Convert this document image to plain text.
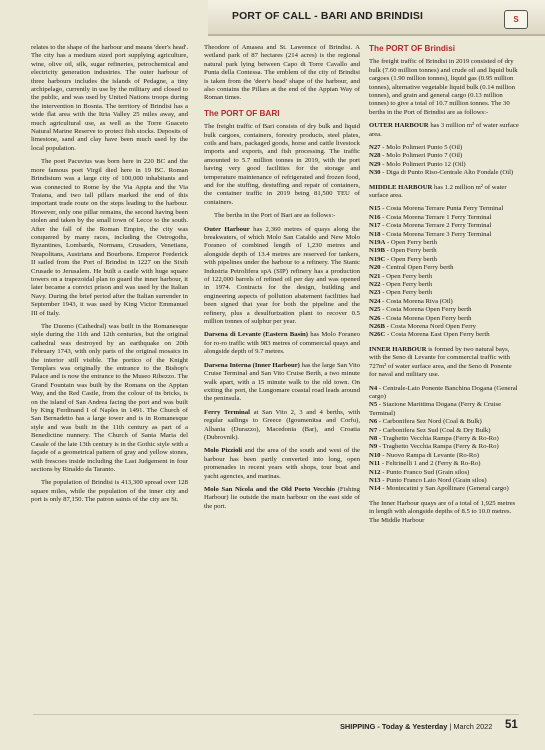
PORT OF CALL - BARI AND BRINDISI	S

relates to the shape of the harbour and means 'deer's head'. The city has a medium sized port supplying agriculture, wine, olive oil, silk, sugar refineries, petrochemical and electricity generation industries. The outer harbour of three harbours includes the islands of Pedagne, a tiny archipelago, currently in use by the military and closed to the public, and was used by United Nations troops during the intervention in Bosnia. The territory of Brindisi has a wide flat area with the Itria Valley 25 miles away, and much agricultural use, as well as the Torre Guaceto Natural Marine Reserve to protect fish stocks. Deposits of limestone, sand and clay have been much used by the local population.

The poet Pacuvius was born here in 220 BC and the more famous poet Virgil died here in 19 BC. Roman Brindisium was a large city of 100,000 inhabitants and was connected to Rome by the Via Appia and the Via Traiana, and two tall pillars marked the end of this important trade route on the steps leading to the harbour. However, only one pillar remains, the second having been stolen and taken by the small town of Lecce to the south. After the fall of the Roman Empire, the city was conquered by many races, including the Ostrogoths, Byzantines, Lombards, Normans, Crusaders, Venetians, Neapolitans, Austrians and Bourbons. Emperor Frederick II sailed from the Port of Brindisi in 1227 on the Sixth Crusade to Jerusalem. He built a castle with huge square towers on a trapezoidal plan to guard the inner harbour, it later became a convict prison and was used by the Italian Navy. During the brief period after the Italian surrender in September 1943, it was used by King Victor Emmanuel III of Italy.

The Duomo (Cathedral) was built in the Romanesque style during the 11th and 12th centuries, but the original cathedral was destroyed by an earthquake on 20th February 1743, with only parts of the original mosaics in the interior still visible. The portico of the Knight Templars was originally the entrance to the Bishop's Palace and is now the entrance to the Museo Ribezzo. The Grand Fountain was built by the Romans on the Appian Way, and the Red Castle, from the colour of its bricks, is on the island of San Andrea facing the port and was built by King Ferdinand I of Naples in 1491. The Church of San Bernadetto has a large tower and is in Romanesque style and was built in the 11th century as part of a Benedictine nunnery. The Church of Santa Maria del Casale of the late 13th century is in the Gothic style with a façade of a geometrical pattern of gray and yellow stones, with frescoes inside including the Last Judgement in four sections by Rinaldo da Taranto.

The population of Brindisi is 413,300 spread over 128 square miles, while the population of the inner city and port is only 87,150. The patron saints of the city are St.

Theodore of Amasea and St. Lawrence of Brindisi. A wetland park of 87 hectares (214 acres) is the regional natural park lying between Capo di Torre Cavallo and Punta della Contessa. The emblem of the city of Brindisi is taken from the 'deer's head' shape of the harbour, and also contains the Pillars at the end of the Appian Way of Roman times.

The PORT OF BARI

The freight traffic of Bari consists of dry bulk and liquid bulk cargoes, containers, forestry products, steel plates, coils and bars, packaged goods, horse and cattle livestock imports and exports, and fish processing. The traffic amounted to 5.7 million tonnes in 2019, with the port having very good facilities for the storage and temperature maintenance of refrigerated and frozen food, and for the stuffing, destuffing and repair of containers, the container traffic in 2019 being 81,500 TEU of containers.

The berths in the Port of Bari are as follows:-

Outer Harbour has 2,360 metres of quays along the breakwaters, of which Molo San Cataldo and New Molo Foraneo of combined length of 1,230 metres and alongside depth of 13.4 metres are reserved for tankers, with pipelines under the harbour to a refinery. The Stanic Industria Petrolifera spA (SIP) refinery has a production of 122,000 barrels of refined oil per day and was opened in 1974. Contracts for the design, building and engineering aspects of pollution abatement facilities had been signed that year for both the pipeline and the refinery, plus a desulfurization plant to recover 0.5 million tonnes of sulphur per year.

Darsena di Levante (Eastern Basin) has Molo Foraneo for ro-ro traffic with 983 metres of commercial quays and alongside depth of 9.7 metres.

Darsena Interna (Inner Harbour) has the large San Vito Cruise Terminal and San Vito Cruise Berth, a two minute walk apart, with a 15 minute walk to the old town. On exiting the port, the Lungomare coastal road leads around the peninsula.

Ferry Terminal at San Vito 2, 3 and 4 berths, with regular sailings to Greece (Igoumenitsa and Corfu), Albania (Durazzo), Macedonia (Bar), and Croatia (Dubrovnik).

Molo Pizzioli and the area of the south and west of the harbour has been partly converted into long, open promenades in recent years with shops, tour boat and yacht agencies, and marinas.

Molo San Nicola and the Old Porto Vecchio (Fishing Harbour) lie outside the main harbour on the east side of the port.

The PORT OF Brindisi

The freight traffic of Brindisi in 2019 consisted of dry bulk (7.60 million tonnes) and crude oil and liquid bulk cargoes (1.90 million tonnes), liquid gas (0.95 million tonnes), alternative vegetable liquid bulk (0.14 million tonnes), and grain and general cargo (0.13 million tonnes) to give a total of 10.7 million tonnes. The 30 berths in the Port of Brindisi are as follows:-

OUTER HARBOUR has 3 million m² of water surface area.

N27 - Molo Polimeri Punto 5 (Oil)
N28 - Molo Polimeri Punto 7 (Oil)
N29 - Molo Polimeri Punto 12 (Oil)
N30 - Diga di Punto Riso-Centrale Alto Fondale (Oil)

MIDDLE HARBOUR has 1.2 million m² of water surface area.

N15 - Costa Morena Terrare Punta Ferry Terminal
N16 - Costa Morena Terrare 1 Ferry Terminal
N17 - Costa Morena Terrare 2 Ferry Terminal
N18 - Costa Morena Terrare 3 Ferry Terminal
N19A - Open Ferry berth
N19B - Open Ferry berth
N19C - Open Ferry berth
N20 - Central Open Ferry berth
N21 - Open Ferry berth
N22 - Open Ferry berth
N23 - Open Ferry berth
N24 - Costa Morena Riva (Oil)
N25 - Costa Morena Open Ferry berth
N26 - Costa Morena Open Ferry berth
N26B - Costa Morena Nord Open Ferry
N26C - Costa Morena East Open Ferry berth

INNER HARBOUR is formed by two natural bays, with the Seno di Levante for commercial traffic with 727m² of water surface area, and the Seno di Ponente for naval and military use.

N4 - Centrale-Lato Ponente Banchina Dogana (General cargo)
N5 - Stazione Marittima Dogana (Ferry & Cruise Terminal)
N6 - Carbonifera Sez Nord (Coal & Bulk)
N7 - Carbonifera Sez Sud (Coal & Dry Bulk)
N8 - Traghetto Vecchia Rampa (Ferry & Ro-Ro)
N9 - Traghetto Vecchia Rampa (Ferry & Ro-Ro)
N10 - Nuovo Rampa di Levante (Ro-Ro)
N11 - Feltrinelli 1 and 2 (Ferry & Ro-Ro)
N12 - Punto Franco Sud (Grain silos)
N13 - Punto Franco Lato Nord (Grain silos)
N14 - Montecatini y San Apollinare (General cargo)

The Inner Harbour quays are of a total of 1,925 metres in length with alongside depths of 8.5 to 10.0 metres. The Middle Harbour

SHIPPING - Today & Yesterday | March 2022 51
